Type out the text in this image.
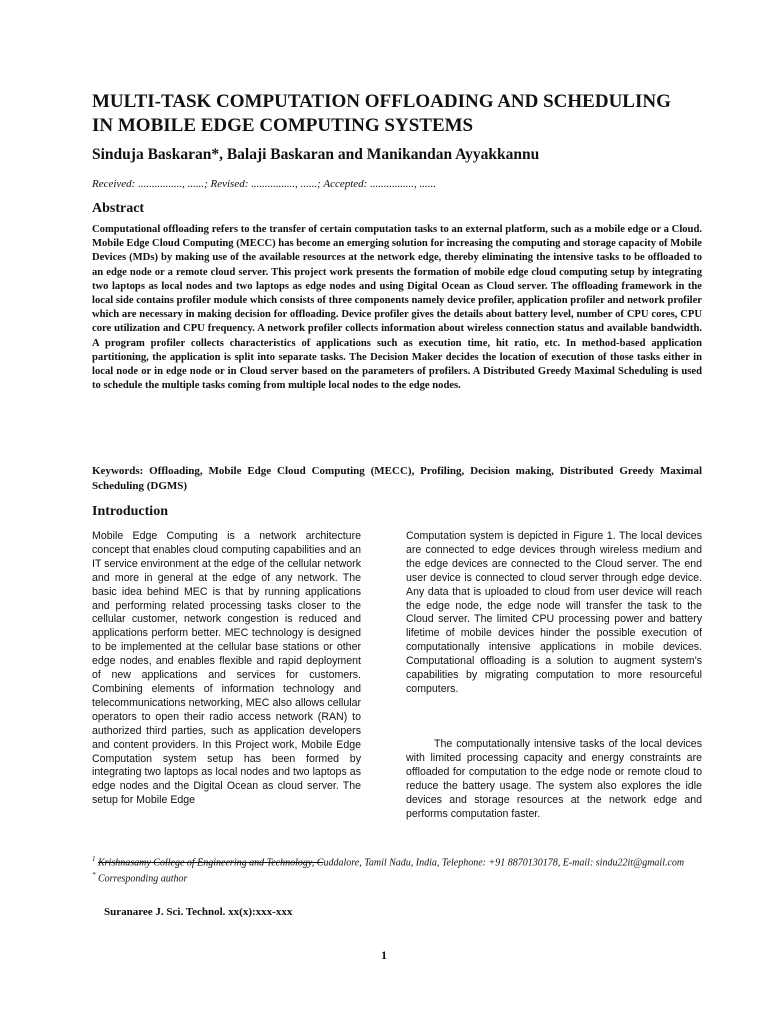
MULTI-TASK COMPUTATION OFFLOADING AND SCHEDULING IN MOBILE EDGE COMPUTING SYSTEMS

Sinduja Baskaran*, Balaji Baskaran and Manikandan Ayyakkannu

Received: ................, ......; Revised: ................, ......; Accepted: ................, ......
Abstract

Computational offloading refers to the transfer of certain computation tasks to an external platform, such as a mobile edge or a Cloud. Mobile Edge Cloud Computing (MECC) has become an emerging solution for increasing the computing and storage capacity of Mobile Devices (MDs) by making use of the available resources at the network edge, thereby eliminating the intensive tasks to be offloaded to an edge node or a remote cloud server. This project work presents the formation of mobile edge cloud computing setup by integrating two laptops as local nodes and two laptops as edge nodes and using Digital Ocean as Cloud server. The offloading framework in the local side contains profiler module which consists of three components namely device profiler, application profiler and network profiler which are necessary in making decision for offloading. Device profiler gives the details about battery level, number of CPU cores, CPU core utilization and CPU frequency. A network profiler collects information about wireless connection status and available bandwidth. A program profiler collects characteristics of applications such as execution time, hit ratio, etc. In method-based application partitioning, the application is split into separate tasks. The Decision Maker decides the location of execution of those tasks either in local node or in edge node or in Cloud server based on the parameters of profilers. A Distributed Greedy Maximal Scheduling is used to schedule the multiple tasks coming from multiple local nodes to the edge nodes.

Keywords: Offloading, Mobile Edge Cloud Computing (MECC), Profiling, Decision making, Distributed Greedy Maximal Scheduling (DGMS)

Introduction

Mobile Edge Computing is a network architecture concept that enables cloud computing capabilities and an IT service environment at the edge of the cellular network and more in general at the edge of any network. The basic idea behind MEC is that by running applications and performing related processing tasks closer to the cellular customer, network congestion is reduced and applications perform better. MEC technology is designed to be implemented at the cellular base stations or other edge nodes, and enables flexible and rapid deployment of new applications and services for customers. Combining elements of information technology and telecommunications networking, MEC also allows cellular operators to open their radio access network (RAN) to authorized third parties, such as application developers and content providers. In this Project work, Mobile Edge Computation system setup has been formed by integrating two laptops as local nodes and two laptops as edge nodes and the Digital Ocean as cloud server. The setup for Mobile Edge

Computation system is depicted in Figure 1. The local devices are connected to edge devices through wireless medium and the edge devices are connected to the Cloud server. The end user device is connected to cloud server through edge device. Any data that is uploaded to cloud from user device will reach the edge node, the edge node will transfer the task to the Cloud server. The limited CPU processing power and battery lifetime of mobile devices hinder the possible execution of computationally intensive applications in mobile devices. Computational offloading is a solution to augment system’s capabilities by migrating computation to more resourceful computers.

The computationally intensive tasks of the local devices with limited processing capacity and energy constraints are offloaded for computation to the edge node or remote cloud to reduce the battery usage. The system also explores the idle devices and storage resources at the network edge and performs computation faster.

$^1$ Krishnasamy College of Engineering and Technology, Cuddalore, Tamil Nadu, India, Telephone: +91 8870130178, E-mail: sindu22it@gmail.com
* Corresponding author
Suranaree J. Sci. Technol. xx(x):xxx-xxx
1
